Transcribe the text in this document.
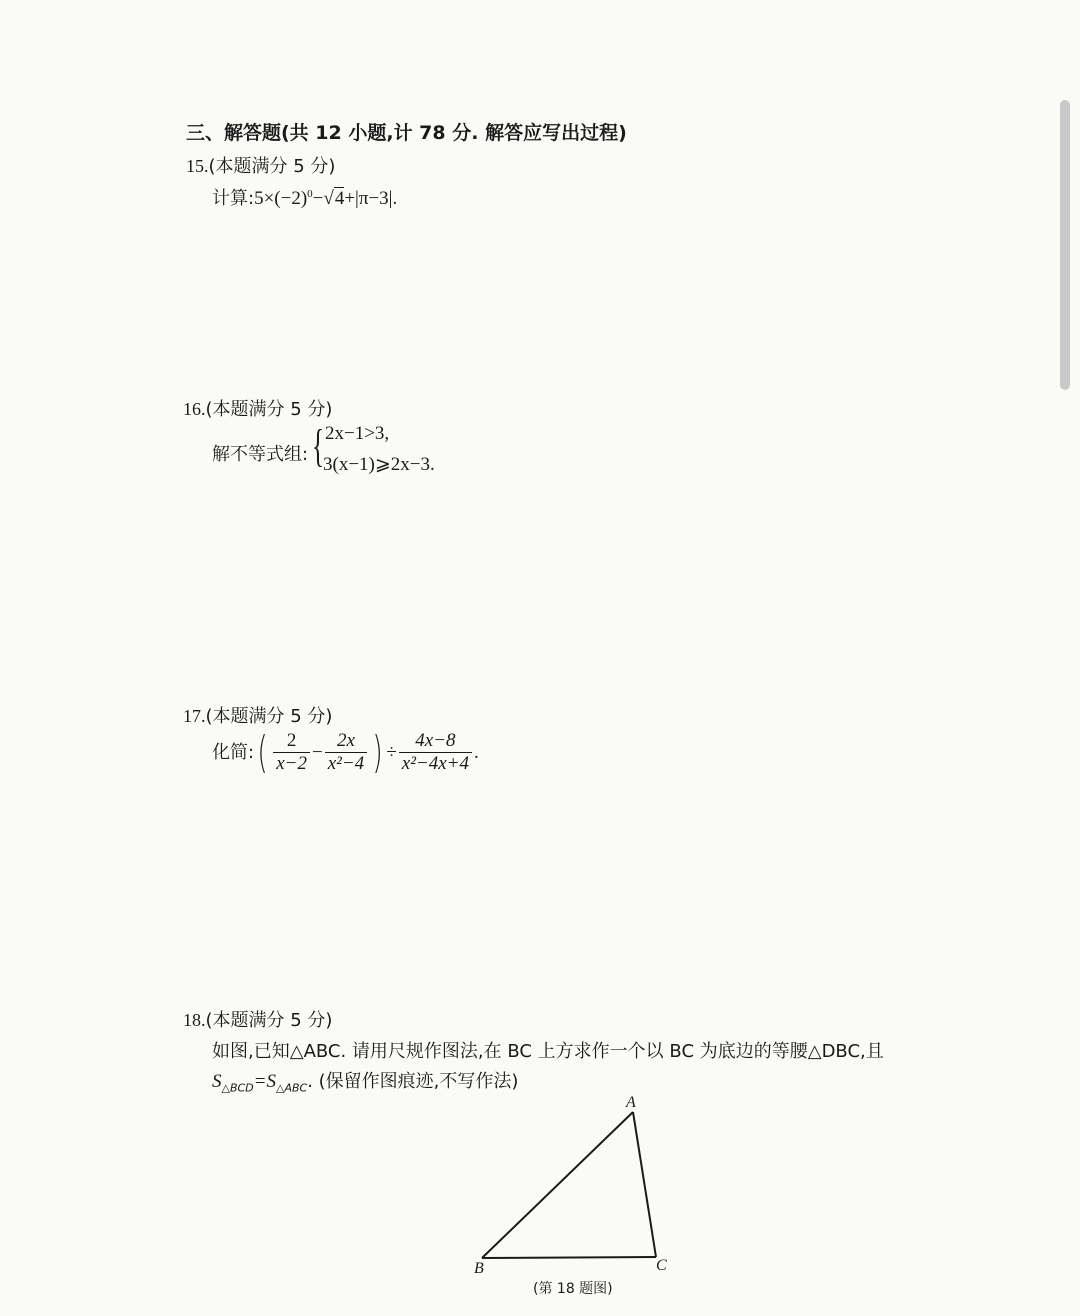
三、解答题(共 12 小题,计 78 分. 解答应写出过程)
15.(本题满分 5 分)
计算$:5\times(-2)^0-√4+|\pi-3|$.
16.(本题满分 5 分)
解不等式组: { 2x−1>3,
3(x−1)⩾2x−3.
17.(本题满分 5 分)
化简:( $\frac{2}{x-2} - \frac{2x}{\text{x²−4}}$ ) ÷ $\frac{4x-8}{\text{x²−4x+4}}$ .
18.(本题满分 5 分)
如图,已知△ABC. 请用尺规作图法,在 BC 上方求作一个以 BC 为底边的等腰△DBC,且
$S_{\triangle BCD}=S_{\triangle ABC}$. (保留作图痕迹,不写作法)
A
B	C
(第 18 题图)
